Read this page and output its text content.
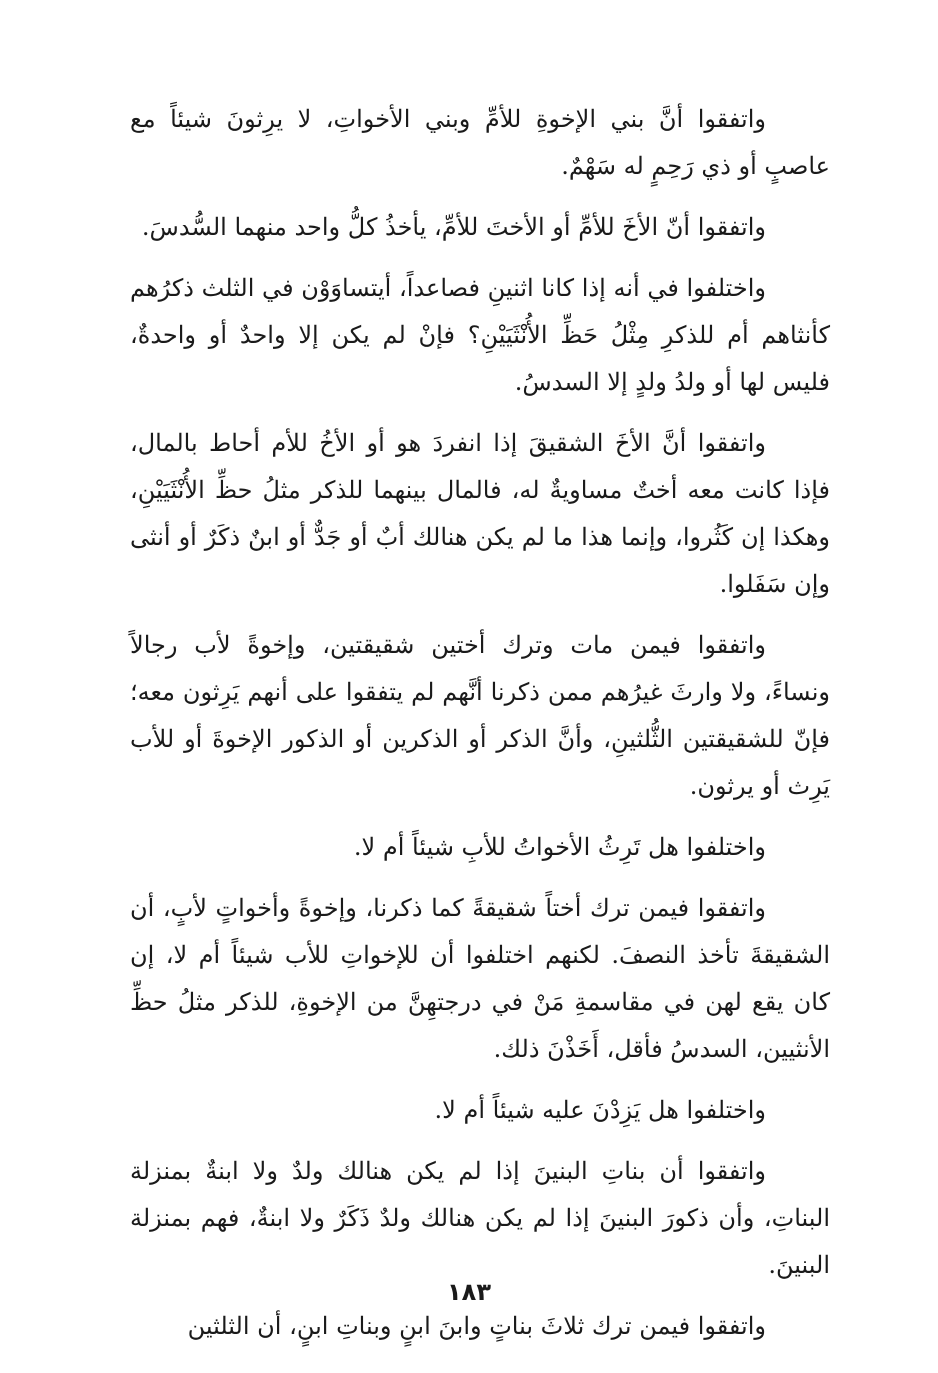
واتفقوا أنَّ بني الإخوةِ للأمِّ وبني الأخواتِ، لا يرِثونَ شيئاً مع عاصبٍ أو ذي رَحِمٍ له سَهْمٌ.

واتفقوا أنّ الأخَ للأمِّ أو الأختَ للأمِّ، يأخذُ كلُّ واحد منهما السُّدسَ.

واختلفوا في أنه إذا كانا اثنينِ فصاعداً، أيتساوَوْن في الثلث ذكرُهم كأنثاهم أم للذكرِ مِثْلُ حَظِّ الأُنْثَيَيْنِ؟ فإنْ لم يكن إلا واحدٌ أو واحدةٌ، فليس لها أو ولدُ ولدٍ إلا السدسُ.

واتفقوا أنَّ الأخَ الشقيقَ إذا انفردَ هو أو الأخُ للأم أحاط بالمال، فإذا كانت معه أختٌ مساويةٌ له، فالمال بينهما للذكر مثلُ حظِّ الأُنْثَيَيْنِ، وهكذا إن كَثُروا، وإنما هذا ما لم يكن هنالك أبٌ أو جَدٌّ أو ابنٌ ذكَرٌ أو أنثى وإن سَفَلوا.

واتفقوا فيمن مات وترك أختين شقيقتين، وإخوةً لأب رجالاً ونساءً، ولا وارثَ غيرُهم ممن ذكرنا أنَّهم لم يتفقوا على أنهم يَرِثون معه؛ فإنّ للشقيقتين الثُّلثينِ، وأنَّ الذكر أو الذكرين أو الذكور الإخوةَ أو للأب يَرِث أو يرثون.

واختلفوا هل تَرِثُ الأخواتُ للأبِ شيئاً أم لا.

واتفقوا فيمن ترك أختاً شقيقةً كما ذكرنا، وإخوةً وأخواتٍ لأبٍ، أن الشقيقةَ تأخذ النصفَ. لكنهم اختلفوا أن للإخواتِ للأب شيئاً أم لا، إن كان يقع لهن في مقاسمةِ مَنْ في درجتهِنَّ من الإخوةِ، للذكر مثلُ حظِّ الأنثيين، السدسُ فأقل، أَخَذْنَ ذلك.

واختلفوا هل يَزِدْنَ عليه شيئاً أم لا.

واتفقوا أن بناتِ البنينَ إذا لم يكن هنالك ولدٌ ولا ابنةٌ بمنزلة البناتِ، وأن ذكورَ البنينَ إذا لم يكن هنالك ولدٌ ذَكَرٌ ولا ابنةٌ، فهم بمنزلة البنينَ.

واتفقوا فيمن ترك ثلاثَ بناتٍ وابنَ ابنٍ وبناتِ ابنٍ، أن الثلثين

١٨٣
